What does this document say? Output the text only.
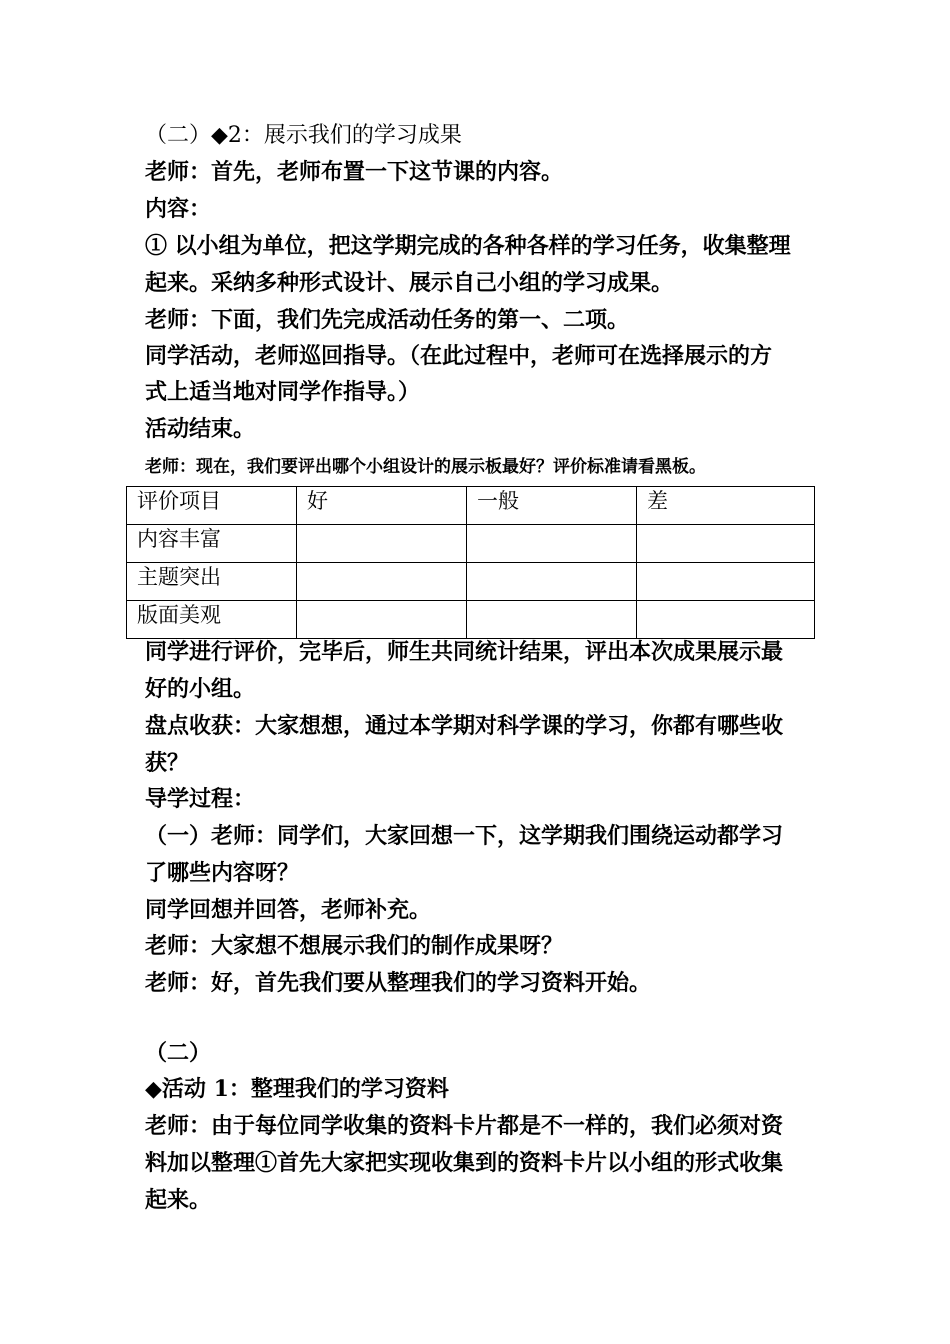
（二）◆2：展示我们的学习成果
老师：首先，老师布置一下这节课的内容。
内容：
① 以小组为单位，把这学期完成的各种各样的学习任务，收集整理
起来。采纳多种形式设计、展示自己小组的学习成果。
老师：下面，我们先完成活动任务的第一、二项。
同学活动，老师巡回指导。（在此过程中，老师可在选择展示的方
式上适当地对同学作指导。）
活动结束。
老师：现在，我们要评出哪个小组设计的展示板最好？评价标准请看黑板。
评价项目	好	一般	差
内容丰富			
主题突出			
版面美观			
同学进行评价，完毕后，师生共同统计结果，评出本次成果展示最
好的小组。
盘点收获：大家想想，通过本学期对科学课的学习，你都有哪些收
获？
导学过程：
（一）老师：同学们，大家回想一下，这学期我们围绕运动都学习
了哪些内容呀？
同学回想并回答，老师补充。
老师：大家想不想展示我们的制作成果呀？
老师：好，首先我们要从整理我们的学习资料开始。
（二）
◆活动 1：整理我们的学习资料
老师：由于每位同学收集的资料卡片都是不一样的，我们必须对资
料加以整理①首先大家把实现收集到的资料卡片以小组的形式收集
起来。
